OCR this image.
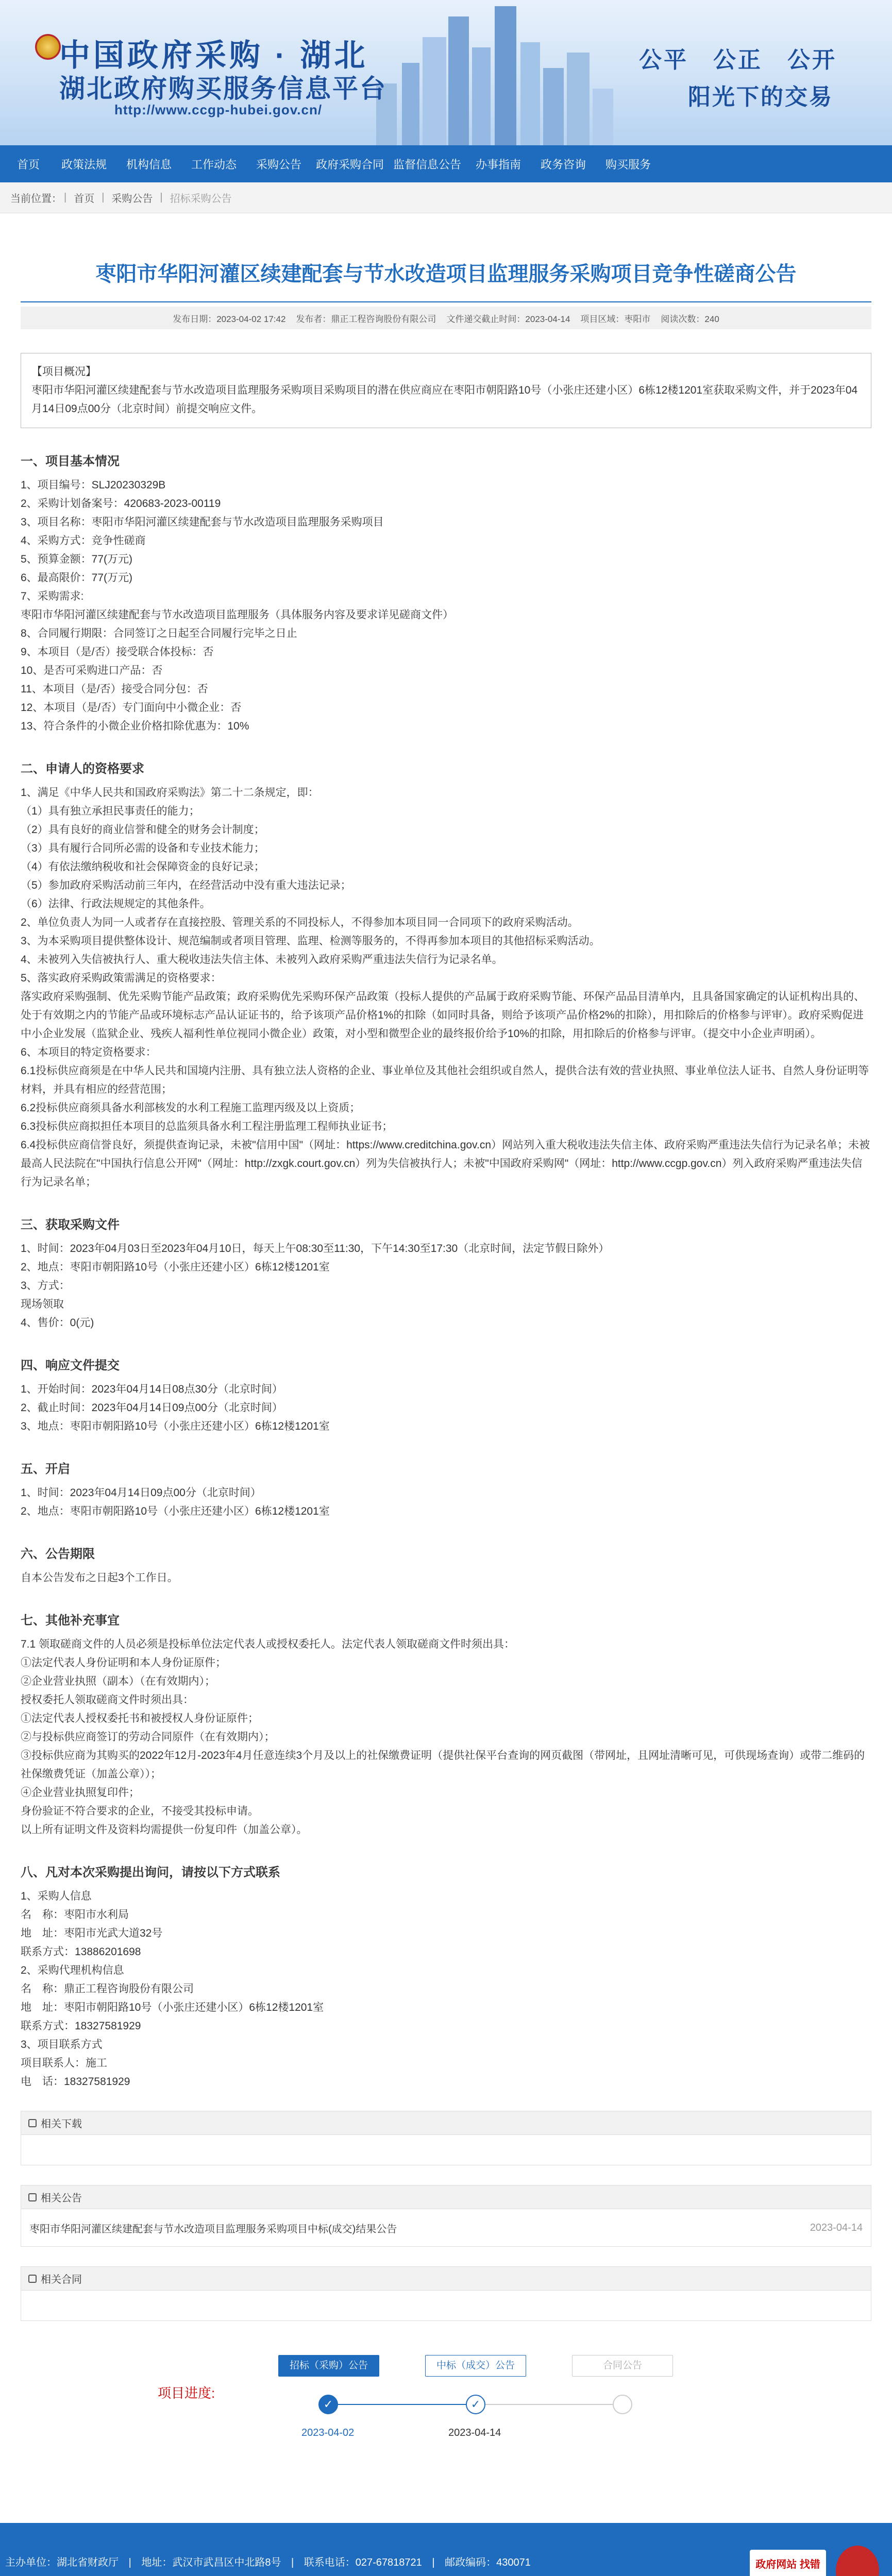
中国政府采购 · 湖北
湖北政府购买服务信息平台
http://www.ccgp-hubei.gov.cn/
公平　公正　公开
阳光下的交易
首页	政策法规	机构信息	工作动态	采购公告	政府采购合同 监督信息公告	办事指南	政务咨询	购买服务
当前位置： | 首页 | 采购公告 | 招标采购公告
枣阳市华阳河灌区续建配套与节水改造项目监理服务采购项目竞争性磋商公告
发布日期：2023-04-02 17:42 发布者：鼎正工程咨询股份有限公司 文件递交截止时间：2023-04-14 项目区域：枣阳市 阅读次数：240
【项目概况】
枣阳市华阳河灌区续建配套与节水改造项目监理服务采购项目采购项目的潜在供应商应在枣阳市朝阳路10号（小张庄还建小区）6栋12楼1201室获取采购文件，并于2023年04月14日09点00分（北京时间）前提交响应文件。
一、项目基本情况

1、项目编号：SLJ20230329B

2、采购计划备案号：420683-2023-00119

3、项目名称：枣阳市华阳河灌区续建配套与节水改造项目监理服务采购项目

4、采购方式：竞争性磋商

5、预算金额：77(万元)

6、最高限价：77(万元)

7、采购需求:

枣阳市华阳河灌区续建配套与节水改造项目监理服务（具体服务内容及要求详见磋商文件）

8、合同履行期限：合同签订之日起至合同履行完毕之日止

9、本项目（是/否）接受联合体投标：否

10、是否可采购进口产品：否

11、本项目（是/否）接受合同分包：否

12、本项目（是/否）专门面向中小微企业：否

13、符合条件的小微企业价格扣除优惠为：10%

二、申请人的资格要求

1、满足《中华人民共和国政府采购法》第二十二条规定，即：

（1）具有独立承担民事责任的能力；

（2）具有良好的商业信誉和健全的财务会计制度；

（3）具有履行合同所必需的设备和专业技术能力；

（4）有依法缴纳税收和社会保障资金的良好记录；

（5）参加政府采购活动前三年内，在经营活动中没有重大违法记录；

（6）法律、行政法规规定的其他条件。

2、单位负责人为同一人或者存在直接控股、管理关系的不同投标人，不得参加本项目同一合同项下的政府采购活动。

3、为本采购项目提供整体设计、规范编制或者项目管理、监理、检测等服务的，不得再参加本项目的其他招标采购活动。

4、未被列入失信被执行人、重大税收违法失信主体、未被列入政府采购严重违法失信行为记录名单。

5、落实政府采购政策需满足的资格要求：

落实政府采购强制、优先采购节能产品政策；政府采购优先采购环保产品政策（投标人提供的产品属于政府采购节能、环保产品品目清单内，且具备国家确定的认证机构出具的、处于有效期之内的节能产品或环境标志产品认证证书的，给予该项产品价格1%的扣除（如同时具备，则给予该项产品价格2%的扣除），用扣除后的价格参与评审）。政府采购促进中小企业发展（监狱企业、残疾人福利性单位视同小微企业）政策，对小型和微型企业的最终报价给予10%的扣除，用扣除后的价格参与评审。（提交中小企业声明函）。

6、本项目的特定资格要求：

6.1投标供应商须是在中华人民共和国境内注册、具有独立法人资格的企业、事业单位及其他社会组织或自然人，提供合法有效的营业执照、事业单位法人证书、自然人身份证明等材料，并具有相应的经营范围；

6.2投标供应商须具备水利部核发的水利工程施工监理丙级及以上资质；

6.3投标供应商拟担任本项目的总监须具备水利工程注册监理工程师执业证书；

6.4投标供应商信誉良好，须提供查询记录，未被"信用中国"（网址：https://www.creditchina.gov.cn）网站列入重大税收违法失信主体、政府采购严重违法失信行为记录名单；未被最高人民法院在"中国执行信息公开网"（网址：http://zxgk.court.gov.cn）列为失信被执行人；未被"中国政府采购网"（网址：http://www.ccgp.gov.cn）列入政府采购严重违法失信行为记录名单；

三、获取采购文件

1、时间：2023年04月03日至2023年04月10日，每天上午08:30至11:30，下午14:30至17:30（北京时间，法定节假日除外）

2、地点：枣阳市朝阳路10号（小张庄还建小区）6栋12楼1201室

3、方式：

现场领取

4、售价：0(元)

四、响应文件提交

1、开始时间：2023年04月14日08点30分（北京时间）

2、截止时间：2023年04月14日09点00分（北京时间）

3、地点：枣阳市朝阳路10号（小张庄还建小区）6栋12楼1201室

五、开启

1、时间：2023年04月14日09点00分（北京时间）

2、地点：枣阳市朝阳路10号（小张庄还建小区）6栋12楼1201室

六、公告期限

自本公告发布之日起3个工作日。

七、其他补充事宜

7.1 领取磋商文件的人员必须是投标单位法定代表人或授权委托人。法定代表人领取磋商文件时须出具：

①法定代表人身份证明和本人身份证原件；

②企业营业执照（副本）（在有效期内）；

授权委托人领取磋商文件时须出具：

①法定代表人授权委托书和被授权人身份证原件；

②与投标供应商签订的劳动合同原件（在有效期内）；

③投标供应商为其购买的2022年12月-2023年4月任意连续3个月及以上的社保缴费证明（提供社保平台查询的网页截图（带网址，且网址清晰可见，可供现场查询）或带二维码的社保缴费凭证（加盖公章））；

④企业营业执照复印件；

身份验证不符合要求的企业，不接受其投标申请。

以上所有证明文件及资料均需提供一份复印件（加盖公章）。

八、凡对本次采购提出询问，请按以下方式联系

1、采购人信息

名　称：枣阳市水利局

地　址：枣阳市光武大道32号

联系方式：13886201698

2、采购代理机构信息

名　称：鼎正工程咨询股份有限公司

地　址：枣阳市朝阳路10号（小张庄还建小区）6栋12楼1201室

联系方式：18327581929

3、项目联系方式

项目联系人：施工

电　话：18327581929

相关下载
相关公告
枣阳市华阳河灌区续建配套与节水改造项目监理服务采购项目中标(成交)结果公告	2023-04-14
相关合同
项目进度:
招标（采购）公告	中标（成交）公告	合同公告
✓	✓
2023-04-02	2023-04-14
主办单位：湖北省财政厅 | 地址：武汉市武昌区中北路8号 | 联系电话：027-67818721 | 邮政编码：430071	政府网站 找错
